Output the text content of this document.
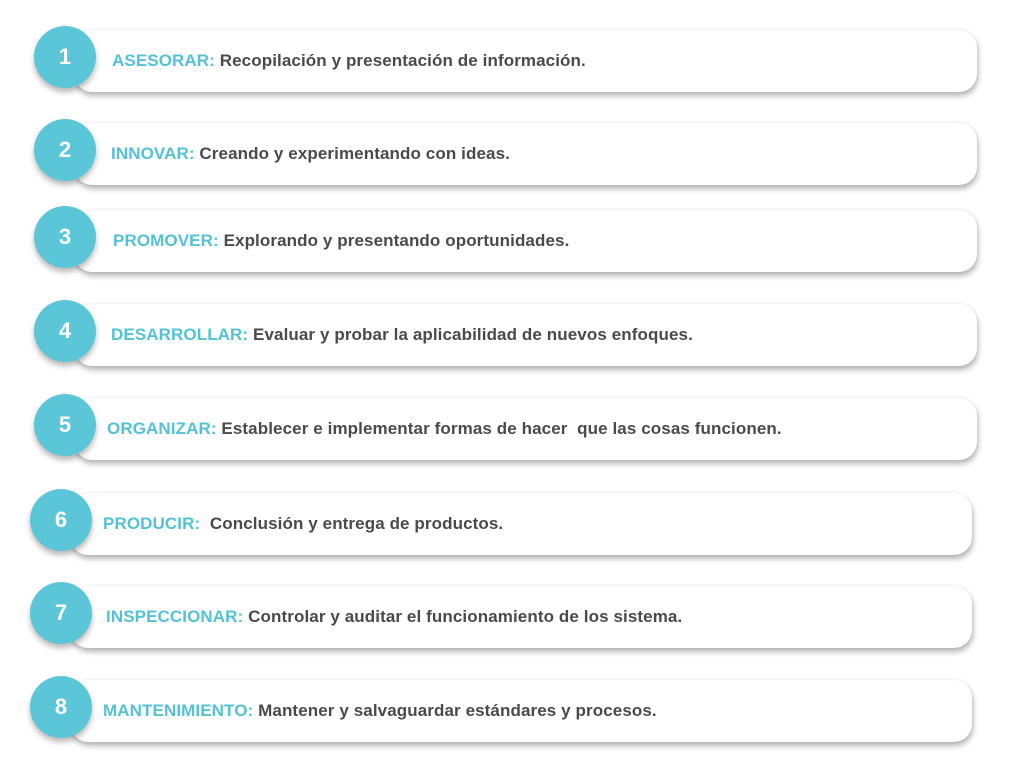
1	ASESORAR: Recopilación y presentación de información.
2	INNOVAR: Creando y experimentando con ideas.
3	PROMOVER: Explorando y presentando oportunidades.
4	DESARROLLAR: Evaluar y probar la aplicabilidad de nuevos enfoques.
5	ORGANIZAR: Establecer e implementar formas de hacer  que las cosas funcionen.
6	PRODUCIR: Conclusión y entrega de productos.
7	INSPECCIONAR: Controlar y auditar el funcionamiento de los sistema.
8	MANTENIMIENTO: Mantener y salvaguardar estándares y procesos.
